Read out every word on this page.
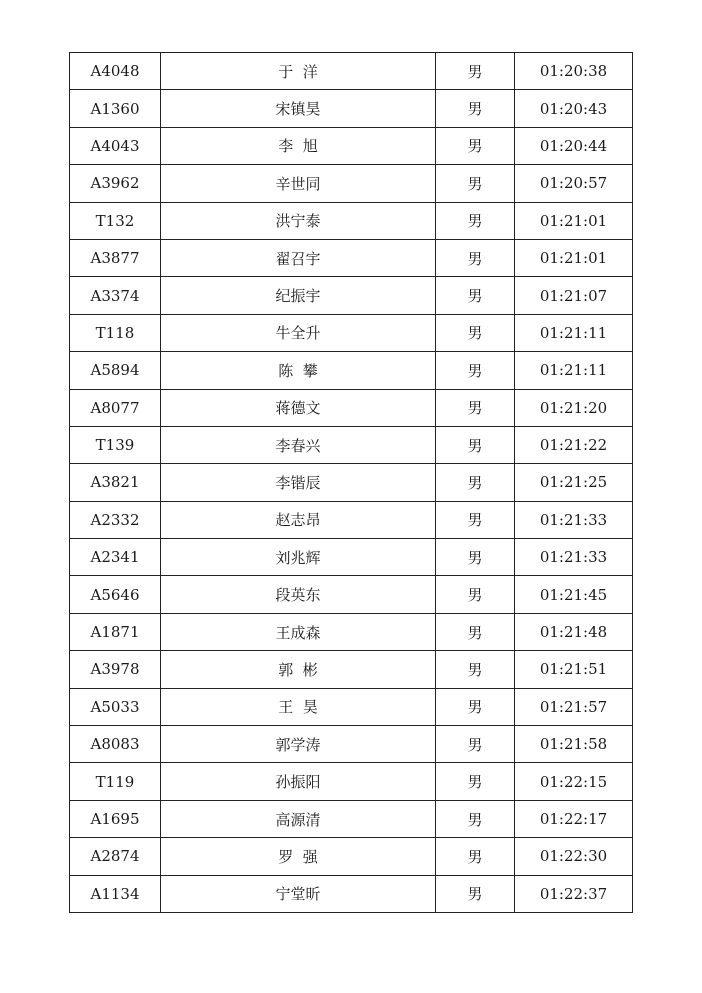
A4048	于  洋	男	01:20:38
A1360	宋镇昊	男	01:20:43
A4043	李  旭	男	01:20:44
A3962	辛世同	男	01:20:57
T132	洪宁泰	男	01:21:01
A3877	翟召宇	男	01:21:01
A3374	纪振宇	男	01:21:07
T118	牛全升	男	01:21:11
A5894	陈  攀	男	01:21:11
A8077	蒋德文	男	01:21:20
T139	李春兴	男	01:21:22
A3821	李锴辰	男	01:21:25
A2332	赵志昂	男	01:21:33
A2341	刘兆辉	男	01:21:33
A5646	段英东	男	01:21:45
A1871	王成森	男	01:21:48
A3978	郭  彬	男	01:21:51
A5033	王  昊	男	01:21:57
A8083	郭学涛	男	01:21:58
T119	孙振阳	男	01:22:15
A1695	高源清	男	01:22:17
A2874	罗  强	男	01:22:30
A1134	宁堂昕	男	01:22:37
